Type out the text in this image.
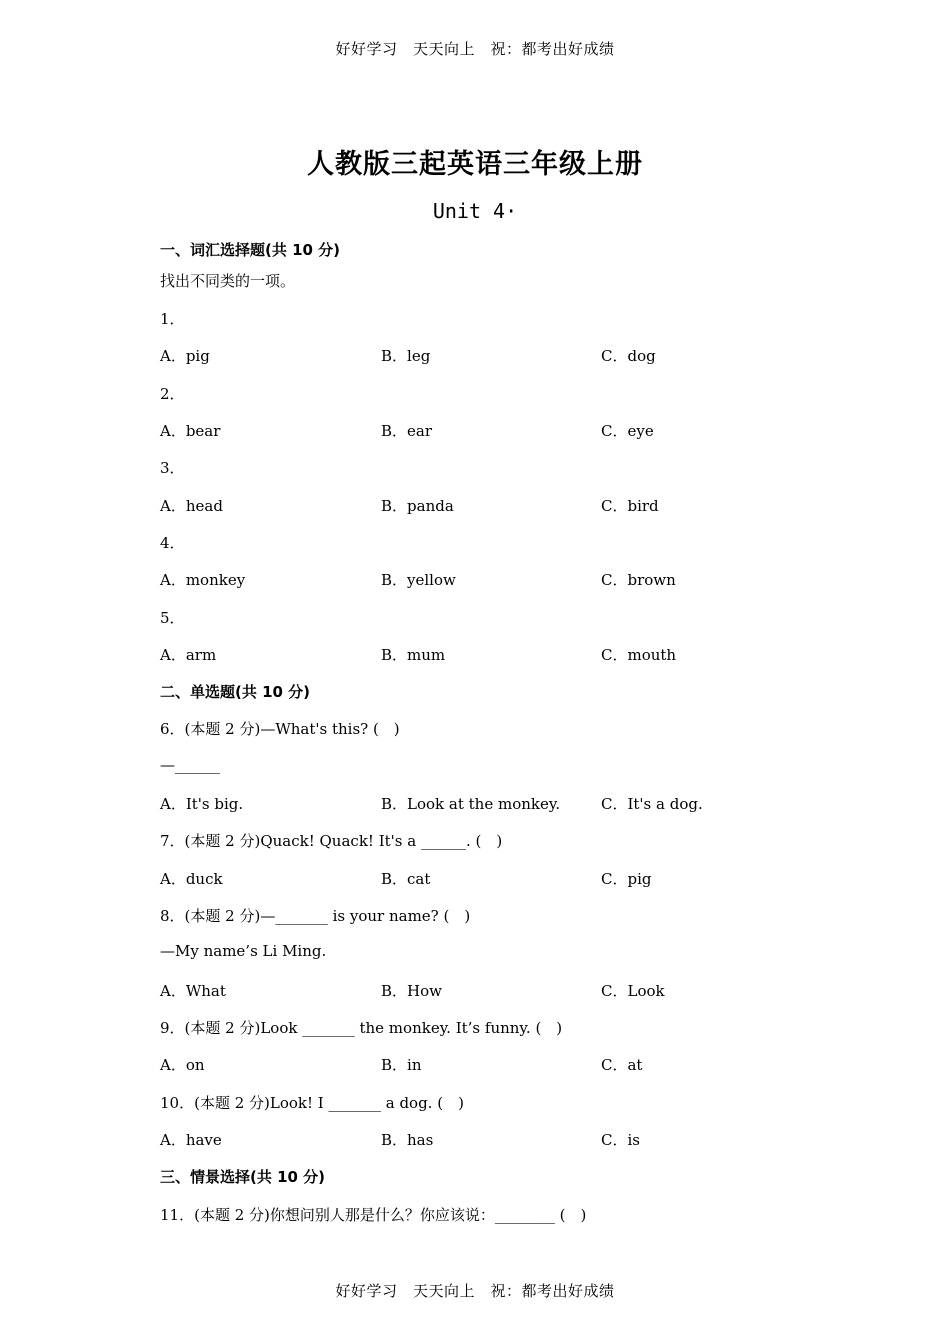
好好学习　天天向上　祝：都考出好成绩
人教版三起英语三年级上册
Unit 4·
一、词汇选择题(共 10 分)
找出不同类的一项。
1．
A．pig	B．leg	C．dog
2．
A．bear	B．ear	C．eye
3．
A．head	B．panda	C．bird
4．
A．monkey	B．yellow	C．brown
5．
A．arm	B．mum	C．mouth
二、单选题(共 10 分)
6．(本题 2 分)—What's this? (　)
—______
A．It's big.	B．Look at the monkey.	C．It's a dog.
7．(本题 2 分)Quack! Quack! It's a ______. (　)
A．duck	B．cat	C．pig
8．(本题 2 分)—_______ is your name? (　)
—My name’s Li Ming.
A．What	B．How	C．Look
9．(本题 2 分)Look _______ the monkey. It’s funny. (　)
A．on	B．in	C．at
10．(本题 2 分)Look! I _______ a dog. (　)
A．have	B．has	C．is
三、情景选择(共 10 分)
11．(本题 2 分)你想问别人那是什么？你应该说：________ (　)
好好学习　天天向上　祝：都考出好成绩
